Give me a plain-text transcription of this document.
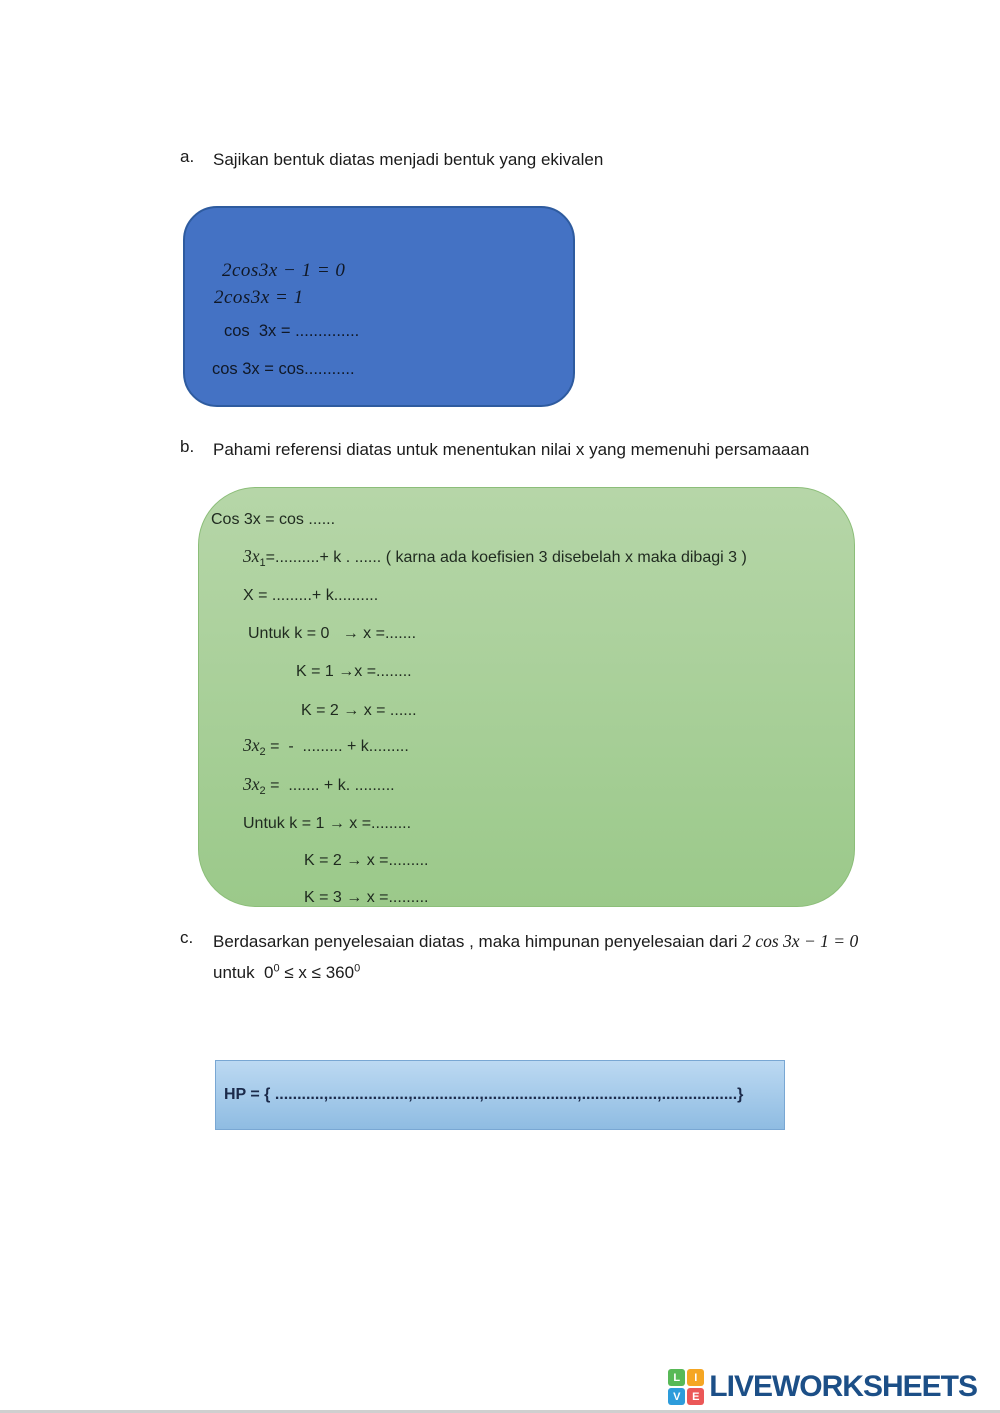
a.	Sajikan bentuk diatas menjadi bentuk yang ekivalen
2cos3x − 1 = 0
2cos3x = 1
cos  3x = ..............
cos 3x = cos...........
b.	Pahami referensi diatas untuk menentukan nilai x yang memenuhi persamaaan
Cos 3x = cos ......
$3x_1=..........+ k$ . ...... ( karna ada koefisien 3 disebelah x maka dibagi 3 )
X = .........+ k..........
Untuk k = 0   → x =.......
K = 1 →x =........
K = 2 → x = ......
$3x_2$ =  -  ......... + k.........
$3x_2$ =  ....... + k. .........
Untuk k = 1 → x =.........
K = 2 → x =.........
K = 3 → x =.........
c.	Berdasarkan penyelesaian diatas , maka himpunan penyelesaian dari 2 cos 3x − 1 = 0
untuk  $0^0 \le x \le 360^0$
HP = { ...........,..................,...............,.....................,.................,.................}
L	I
V	E LIVEWORKSHEETS
